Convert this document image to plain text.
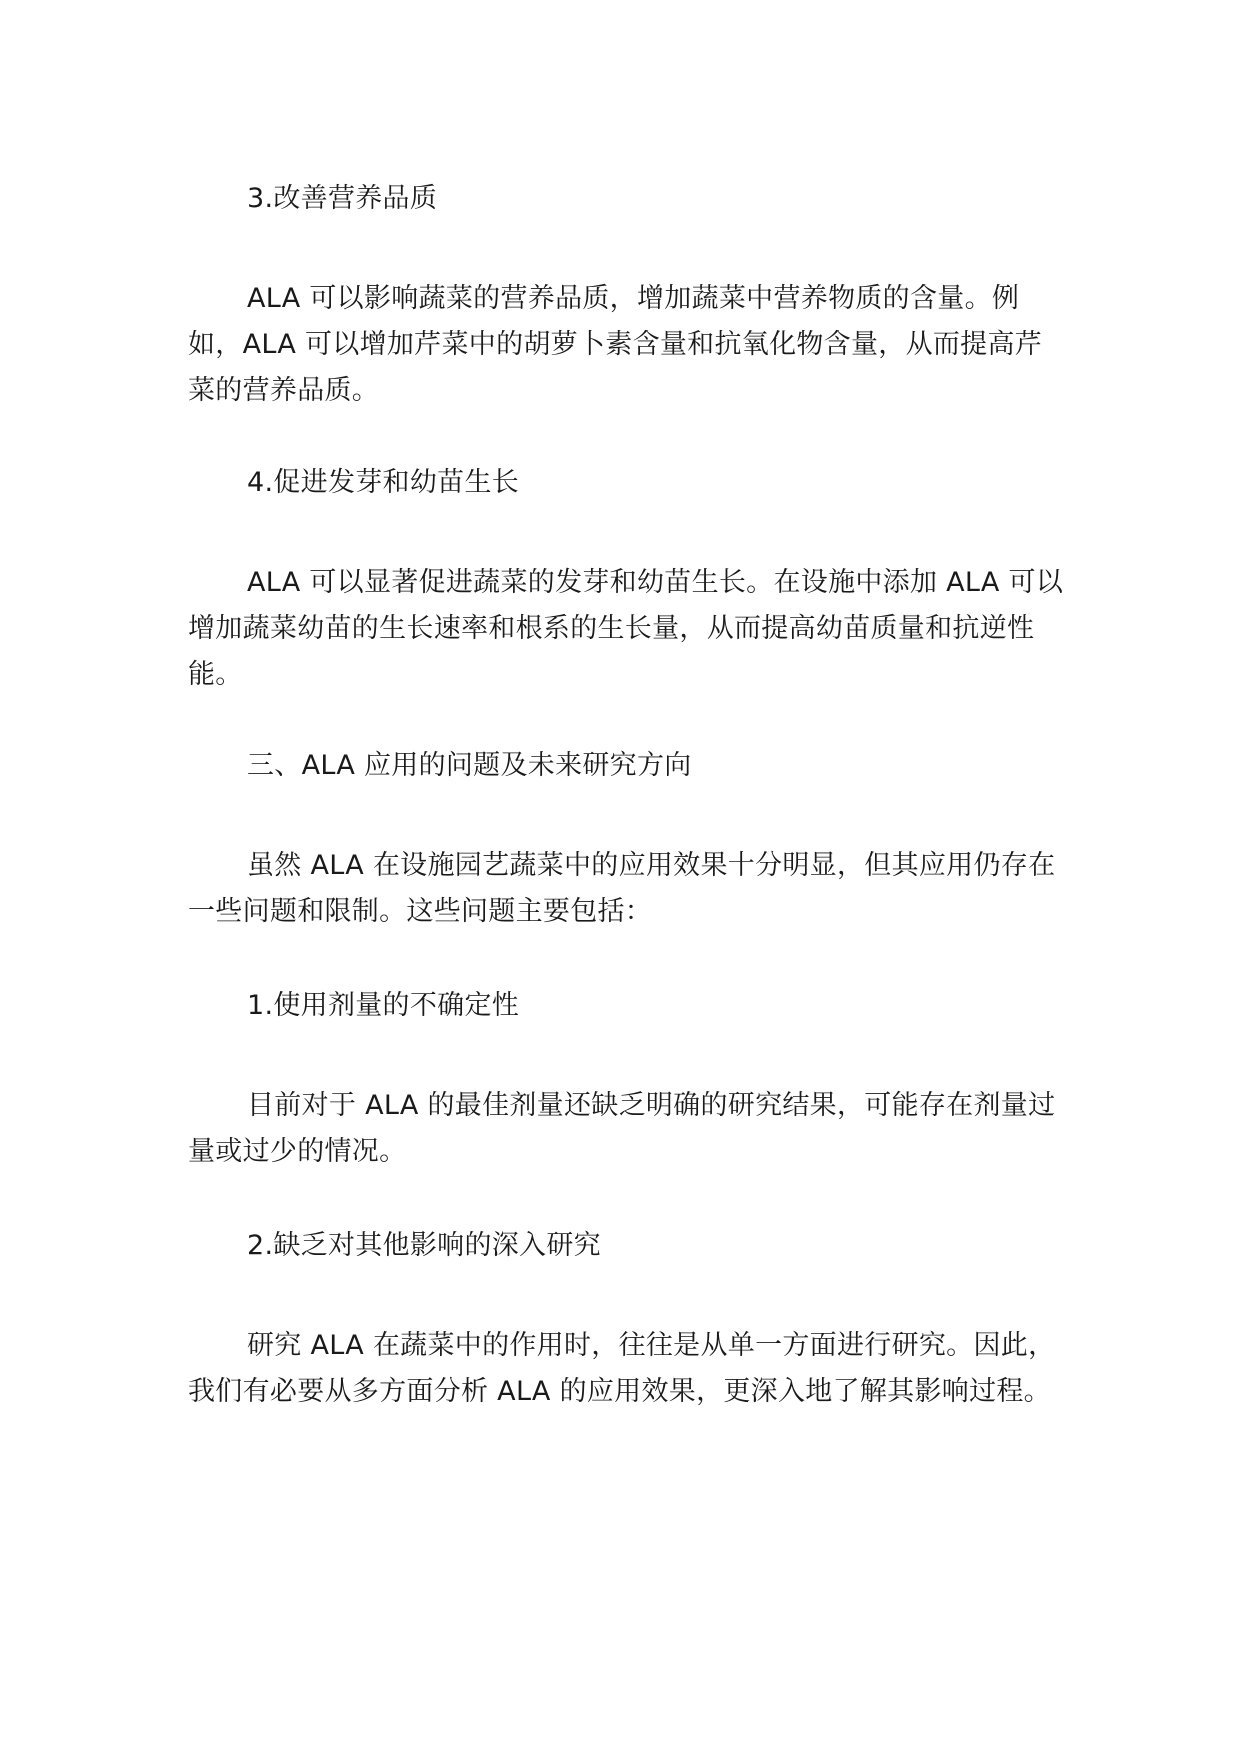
3.改善营养品质

ALA 可以影响蔬菜的营养品质，增加蔬菜中营养物质的含量。例如，ALA 可以增加芹菜中的胡萝卜素含量和抗氧化物含量，从而提高芹菜的营养品质。

4.促进发芽和幼苗生长

ALA 可以显著促进蔬菜的发芽和幼苗生长。在设施中添加 ALA 可以增加蔬菜幼苗的生长速率和根系的生长量，从而提高幼苗质量和抗逆性能。

三、ALA 应用的问题及未来研究方向

虽然 ALA 在设施园艺蔬菜中的应用效果十分明显，但其应用仍存在一些问题和限制。这些问题主要包括：

1.使用剂量的不确定性

目前对于 ALA 的最佳剂量还缺乏明确的研究结果，可能存在剂量过量或过少的情况。

2.缺乏对其他影响的深入研究

研究 ALA 在蔬菜中的作用时，往往是从单一方面进行研究。因此，我们有必要从多方面分析 ALA 的应用效果，更深入地了解其影响过程。
